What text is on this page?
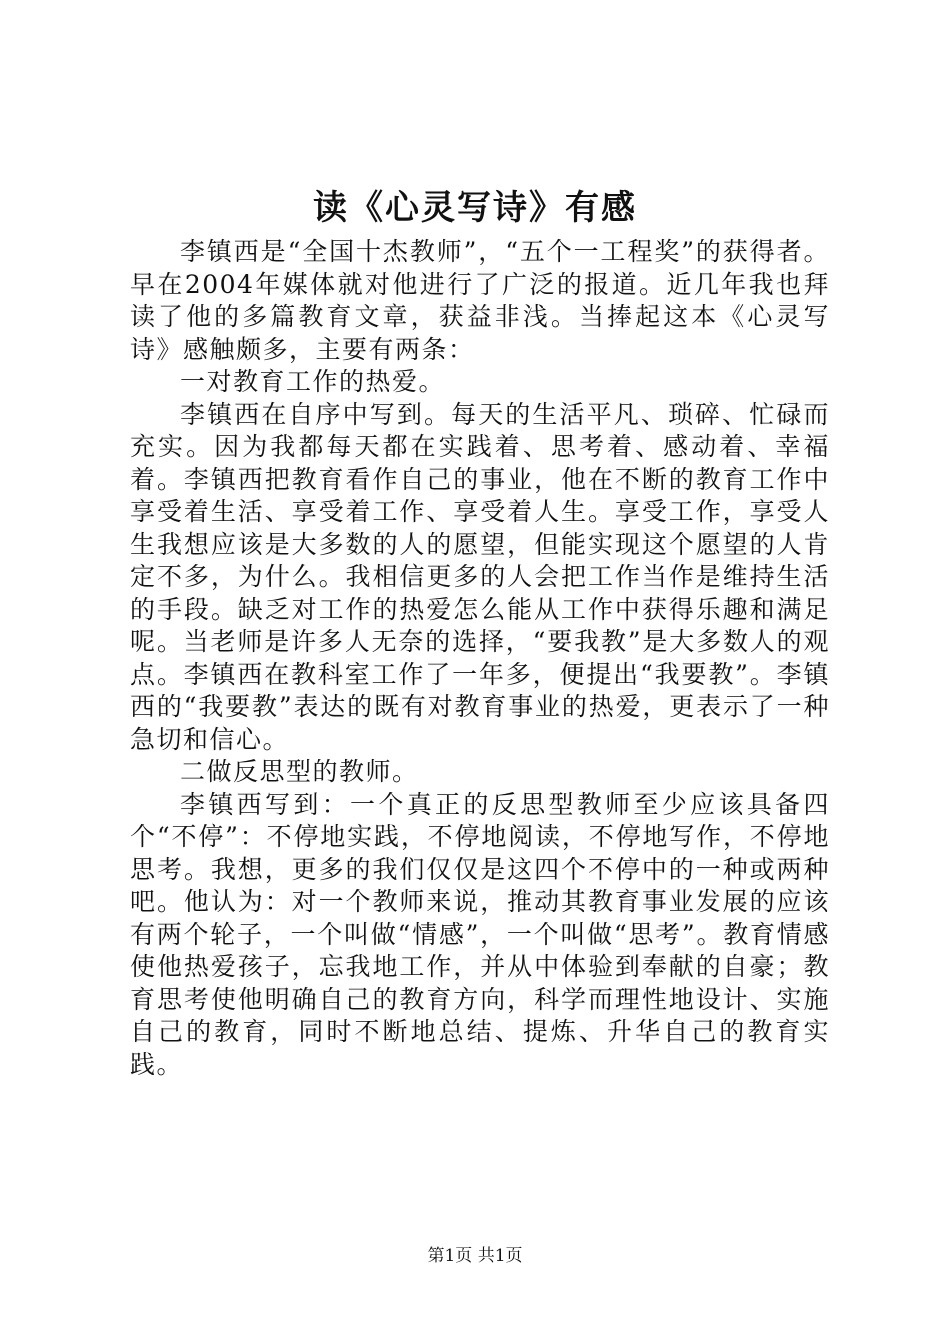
读《心灵写诗》有感

李镇西是“全国十杰教师”，“五个一工程奖”的获得者。早在2004年媒体就对他进行了广泛的报道。近几年我也拜读了他的多篇教育文章，获益非浅。当捧起这本《心灵写诗》感触颇多，主要有两条：

一对教育工作的热爱。

李镇西在自序中写到。每天的生活平凡、琐碎、忙碌而充实。因为我都每天都在实践着、思考着、感动着、幸福着。李镇西把教育看作自己的事业，他在不断的教育工作中享受着生活、享受着工作、享受着人生。享受工作，享受人生我想应该是大多数的人的愿望，但能实现这个愿望的人肯定不多，为什么。我相信更多的人会把工作当作是维持生活的手段。缺乏对工作的热爱怎么能从工作中获得乐趣和满足呢。当老师是许多人无奈的选择，“要我教”是大多数人的观点。李镇西在教科室工作了一年多，便提出“我要教”。李镇西的“我要教”表达的既有对教育事业的热爱，更表示了一种急切和信心。

二做反思型的教师。

李镇西写到：一个真正的反思型教师至少应该具备四个“不停”：不停地实践，不停地阅读，不停地写作，不停地思考。我想，更多的我们仅仅是这四个不停中的一种或两种吧。他认为：对一个教师来说，推动其教育事业发展的应该有两个轮子，一个叫做“情感”，一个叫做“思考”。教育情感使他热爱孩子，忘我地工作，并从中体验到奉献的自豪；教育思考使他明确自己的教育方向，科学而理性地设计、实施自己的教育，同时不断地总结、提炼、升华自己的教育实践。

第1页 共1页
